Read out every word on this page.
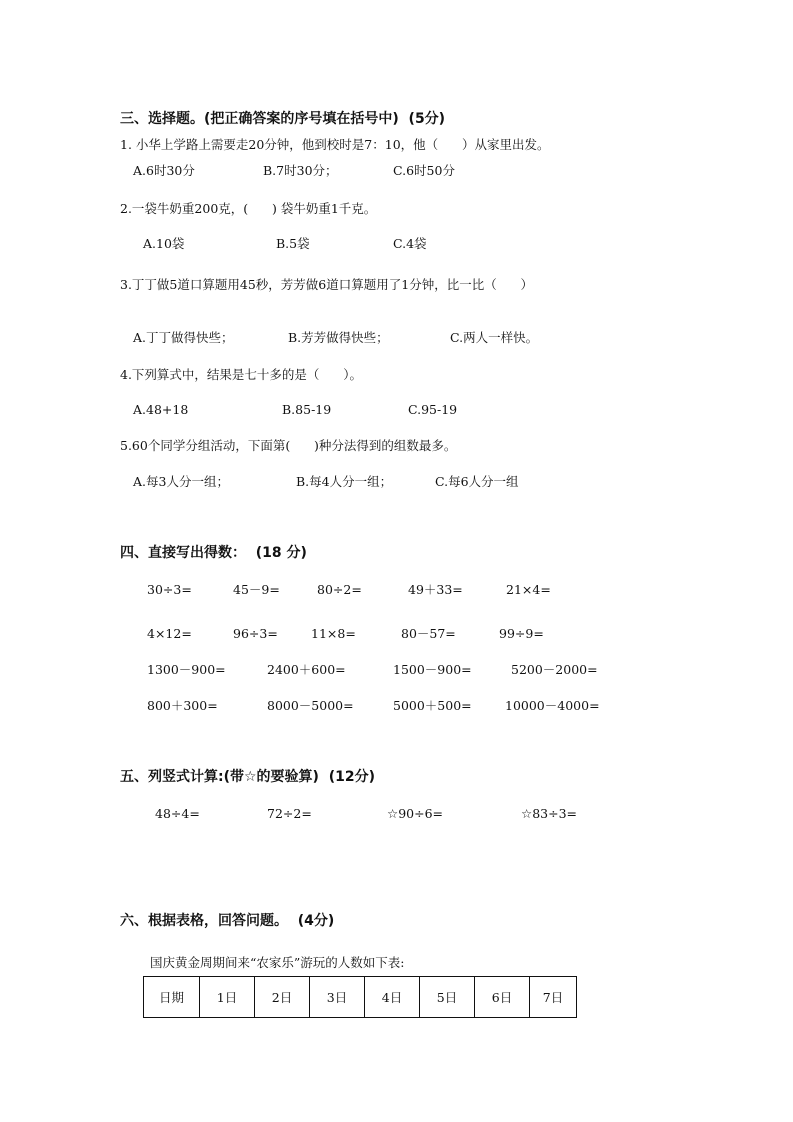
三、选择题。(把正确答案的序号填在括号中)  (5分)
1. 小华上学路上需要走20分钟，他到校时是7：10，他（      ）从家里出发。
A.6时30分	B.7时30分；	C.6时50分
2.一袋牛奶重200克，(      ) 袋牛奶重1千克。
A.10袋	B.5袋	C.4袋
3.丁丁做5道口算题用45秒，芳芳做6道口算题用了1分钟，比一比（      ）
A.丁丁做得快些；	B.芳芳做得快些；	C.两人一样快。
4.下列算式中，结果是七十多的是（      ）。
A.48+18	B.85-19	C.95-19
5.60个同学分组活动，下面第(      )种分法得到的组数最多。
A.每3人分一组；	B.每4人分一组；	C.每6人分一组
四、直接写出得数：  (18 分)
30÷3=	45－9=	80÷2=	49＋33=	21×4=
4×12=	96÷3=	11×8=	80－57=	99÷9=
1300－900=	2400＋600=	1500－900=	5200－2000=
800＋300=	8000－5000=	5000＋500=	10000－4000=
五、列竖式计算:(带☆的要验算)  (12分)
48÷4=	72÷2=	☆90÷6=	☆83÷3=
六、根据表格，回答问题。  (4分)
国庆黄金周期间来“农家乐”游玩的人数如下表:
日期	1日	2日	3日	4日	5日	6日	7日
